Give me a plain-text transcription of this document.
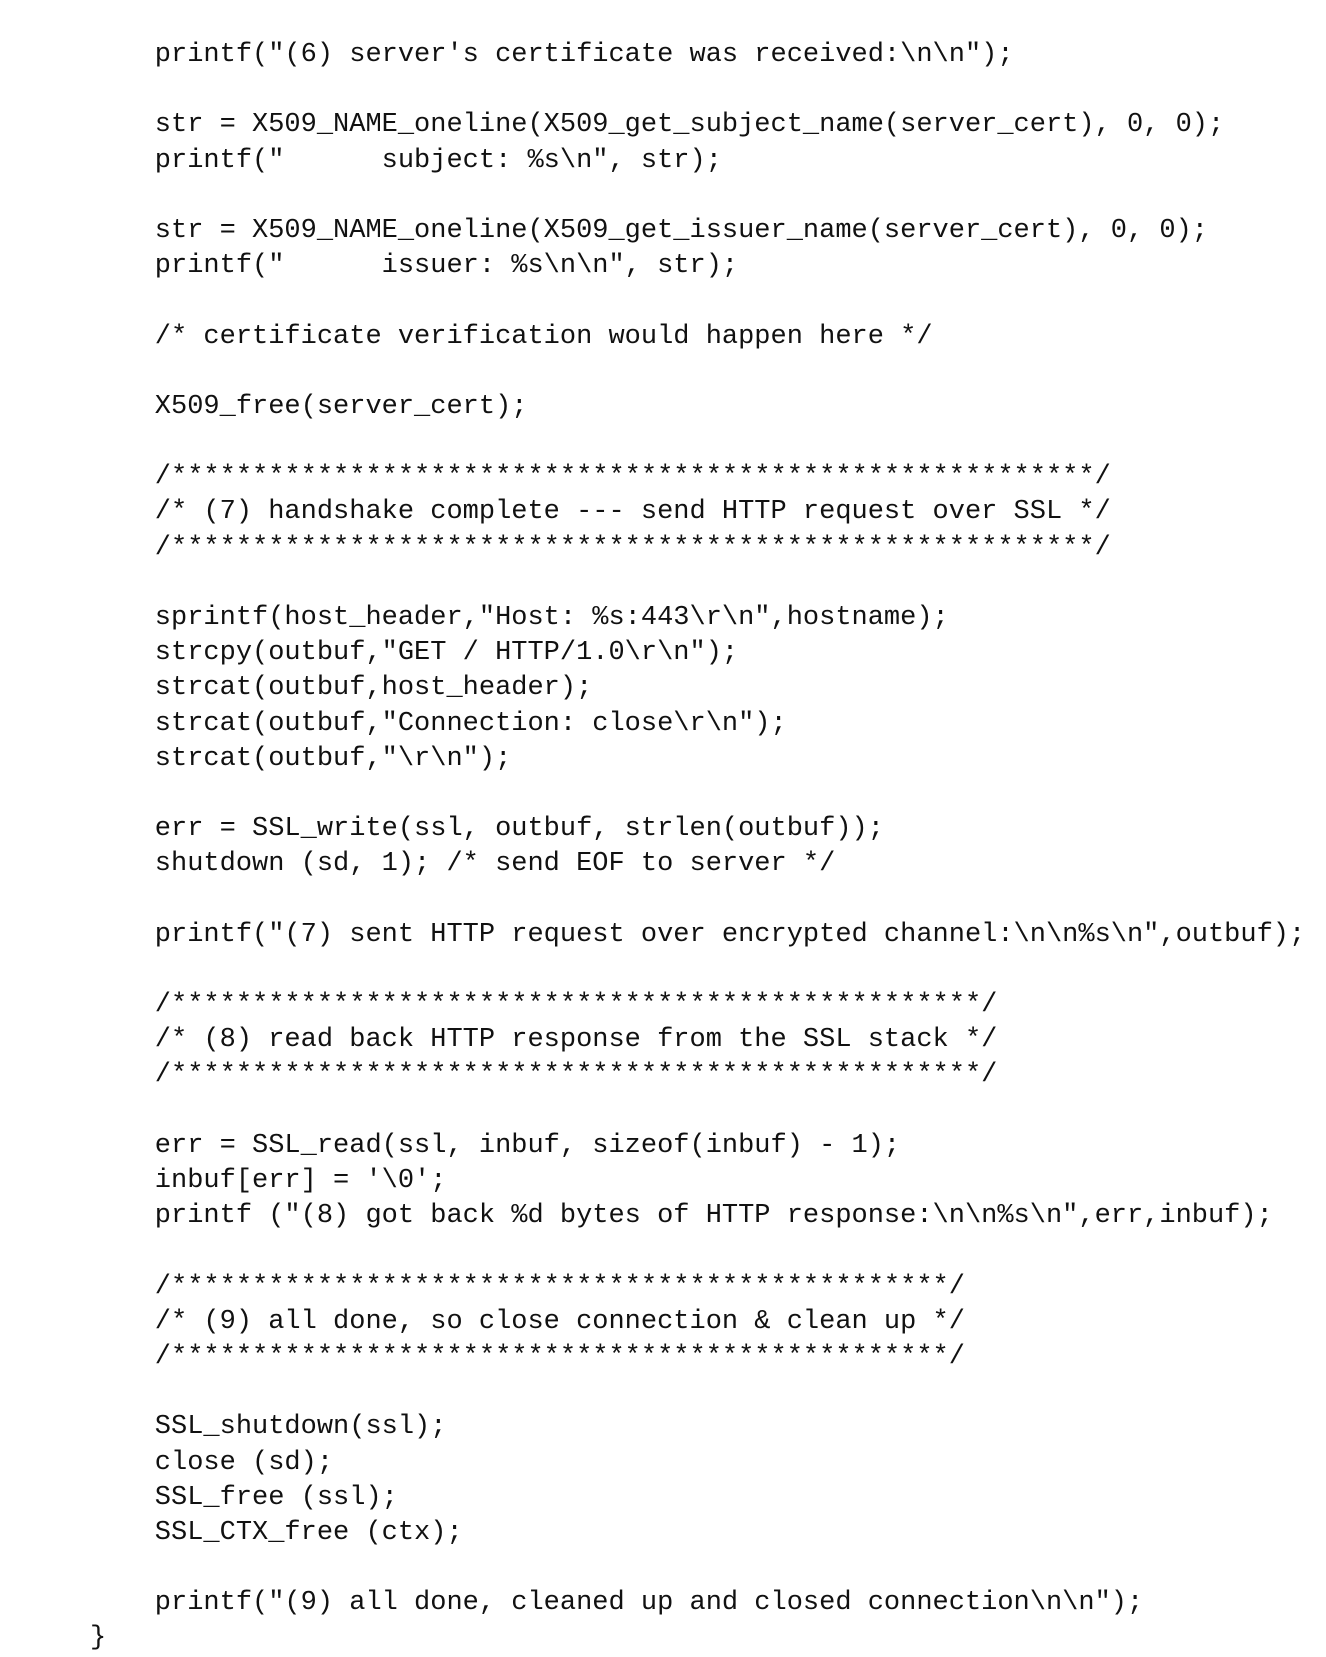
printf("(6) server's certificate was received:\n\n");
str = X509_NAME_oneline(X509_get_subject_name(server_cert), 0, 0);
printf("      subject: %s\n", str);
str = X509_NAME_oneline(X509_get_issuer_name(server_cert), 0, 0);
printf("      issuer: %s\n\n", str);
/* certificate verification would happen here */
X509_free(server_cert);
/*********************************************************/
/* (7) handshake complete --- send HTTP request over SSL */
/*********************************************************/
sprintf(host_header,"Host: %s:443\r\n",hostname);
strcpy(outbuf,"GET / HTTP/1.0\r\n");
strcat(outbuf,host_header);
strcat(outbuf,"Connection: close\r\n");
strcat(outbuf,"\r\n");
err = SSL_write(ssl, outbuf, strlen(outbuf));
shutdown (sd, 1); /* send EOF to server */
printf("(7) sent HTTP request over encrypted channel:\n\n%s\n",outbuf);
/**************************************************/
/* (8) read back HTTP response from the SSL stack */
/**************************************************/
err = SSL_read(ssl, inbuf, sizeof(inbuf) - 1);
inbuf[err] = '\0';
printf ("(8) got back %d bytes of HTTP response:\n\n%s\n",err,inbuf);
/************************************************/
/* (9) all done, so close connection & clean up */
/************************************************/
SSL_shutdown(ssl);
close (sd);
SSL_free (ssl);
SSL_CTX_free (ctx);
printf("(9) all done, cleaned up and closed connection\n\n");
}
